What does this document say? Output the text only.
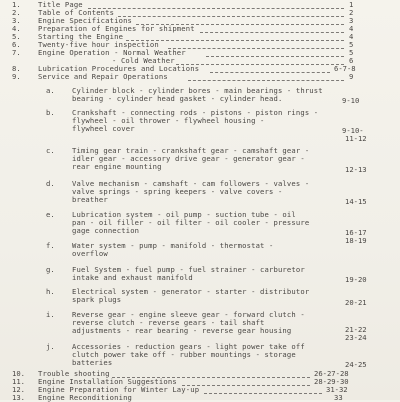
1. Title Page	1
2. Table of Contents	2
3. Engine Specifications	3
4. Preparation of Engines for shipment	4
5. Starting the Engine	4
6. Twenty-five hour inspection	5
7. Engine Operation - Normal Weather	5
- Cold Weather	6
8. Lubrication Procedures and Locations	6-7-8
9. Service and Repair Operations	9
a. Cylinder block - cylinder bores - main bearings - thrust
bearing - cylinder head gasket - cylinder head.	9-10
b. Crankshaft - connecting rods - pistons - piston rings -
flywheel - oil thrower - flywheel housing -
flywheel cover	9-10-
11-12
c. Timing gear train - crankshaft gear - camshaft gear -
idler gear - accessory drive gear - generator gear -
rear engine mounting	12-13
d. Valve mechanism - camshaft - cam followers - valves -
valve springs - spring keepers - valve covers -
breather	14-15
e. Lubrication system - oil pump - suction tube - oil
pan - oil filler - oil filter - oil cooler - pressure
gage connection	16-17
f. Water system - pump - manifold - thermostat -
overflow
18-19
g. Fuel System - fuel pump - fuel strainer - carburetor
intake and exhaust manifold	19-20
h. Electrical system - generator - starter - distributor
spark plugs	20-21
i. Reverse gear - engine sleeve gear - forward clutch -
reverse clutch - reverse gears - tail shaft
adjustments - rear bearing - reverse gear housing	21-22
23-24
j. Accessories - reduction gears - light power take off
clutch power take off - rubber mountings - storage
batteries	24-25
10. Trouble shooting	26-27-28
11. Engine Installation Suggestions	28-29-30
12. Engine Preparation for Winter Lay-up	31-32
13. Engine Reconditioning	33
